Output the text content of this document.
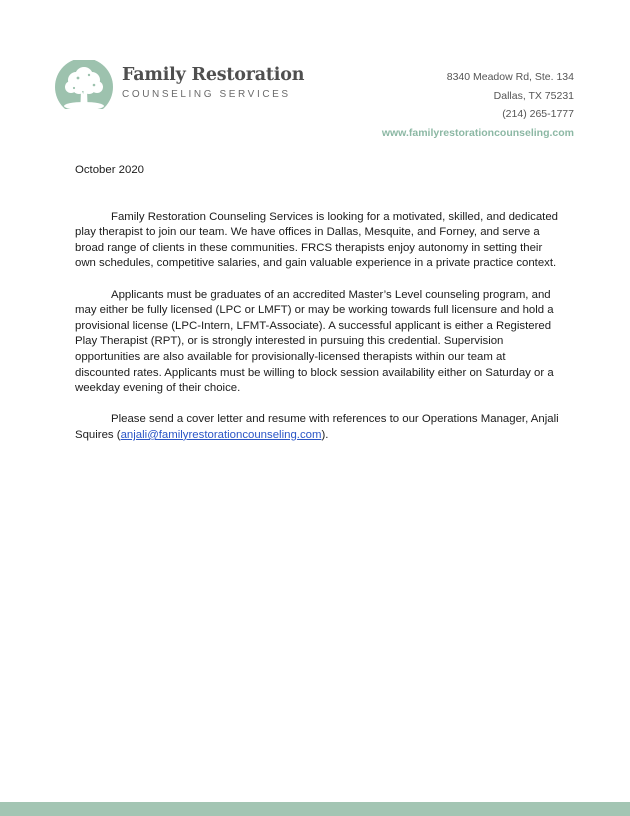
Family Restoration
COUNSELING SERVICES
8340 Meadow Rd, Ste. 134
Dallas, TX 75231
(214) 265-1777
www.familyrestorationcounseling.com

October 2020

Family Restoration Counseling Services is looking for a motivated, skilled, and dedicated play therapist to join our team. We have offices in Dallas, Mesquite, and Forney, and serve a broad range of clients in these communities. FRCS therapists enjoy autonomy in setting their own schedules, competitive salaries, and gain valuable experience in a private practice context.

Applicants must be graduates of an accredited Master’s Level counseling program, and may either be fully licensed (LPC or LMFT) or may be working towards full licensure and hold a provisional license (LPC-Intern, LFMT-Associate). A successful applicant is either a Registered Play Therapist (RPT), or is strongly interested in pursuing this credential. Supervision opportunities are also available for provisionally-licensed therapists within our team at discounted rates. Applicants must be willing to block session availability either on Saturday or a weekday evening of their choice.

Please send a cover letter and resume with references to our Operations Manager, Anjali Squires (anjali@familyrestorationcounseling.com).
